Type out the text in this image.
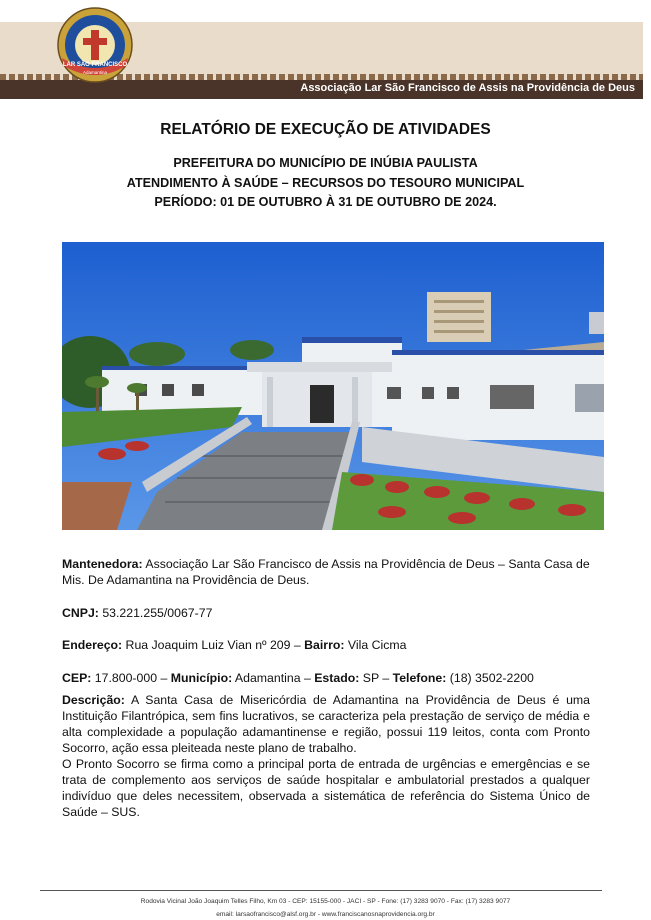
Associação Lar São Francisco de Assis na Providência de Deus
LAR SÃO FRANCISCO
Adamantina
RELATÓRIO DE EXECUÇÃO DE ATIVIDADES
PREFEITURA DO MUNICÍPIO DE INÚBIA PAULISTA
ATENDIMENTO À SAÚDE – RECURSOS DO TESOURO MUNICIPAL
PERÍODO: 01 DE OUTUBRO À 31 DE OUTUBRO DE 2024.
Mantenedora: Associação Lar São Francisco de Assis na Providência de Deus – Santa Casa de Mis. De Adamantina na Providência de Deus.
CNPJ: 53.221.255/0067-77
Endereço: Rua Joaquim Luiz Vian nº 209 – Bairro: Vila Cicma
CEP: 17.800-000 – Município: Adamantina – Estado: SP – Telefone: (18) 3502-2200

Descrição: A Santa Casa de Misericórdia de Adamantina na Providência de Deus é uma Instituição Filantrópica, sem fins lucrativos, se caracteriza pela prestação de serviço de média e alta complexidade a população adamantinense e região, possui 119 leitos, conta com Pronto Socorro, ação essa pleiteada neste plano de trabalho.

O Pronto Socorro se firma como a principal porta de entrada de urgências e emergências e se trata de complemento aos serviços de saúde hospitalar e ambulatorial prestados a qualquer indivíduo que deles necessitem, observada a sistemática de referência do Sistema Único de Saúde – SUS.

Rodovia Vicinal João Joaquim Telles Filho, Km 03 - CEP: 15155-000 - JACI - SP - Fone: (17) 3283 9070 - Fax: (17) 3283 9077
email: larsaofrancisco@alsf.org.br - www.franciscanosnaprovidencia.org.br
